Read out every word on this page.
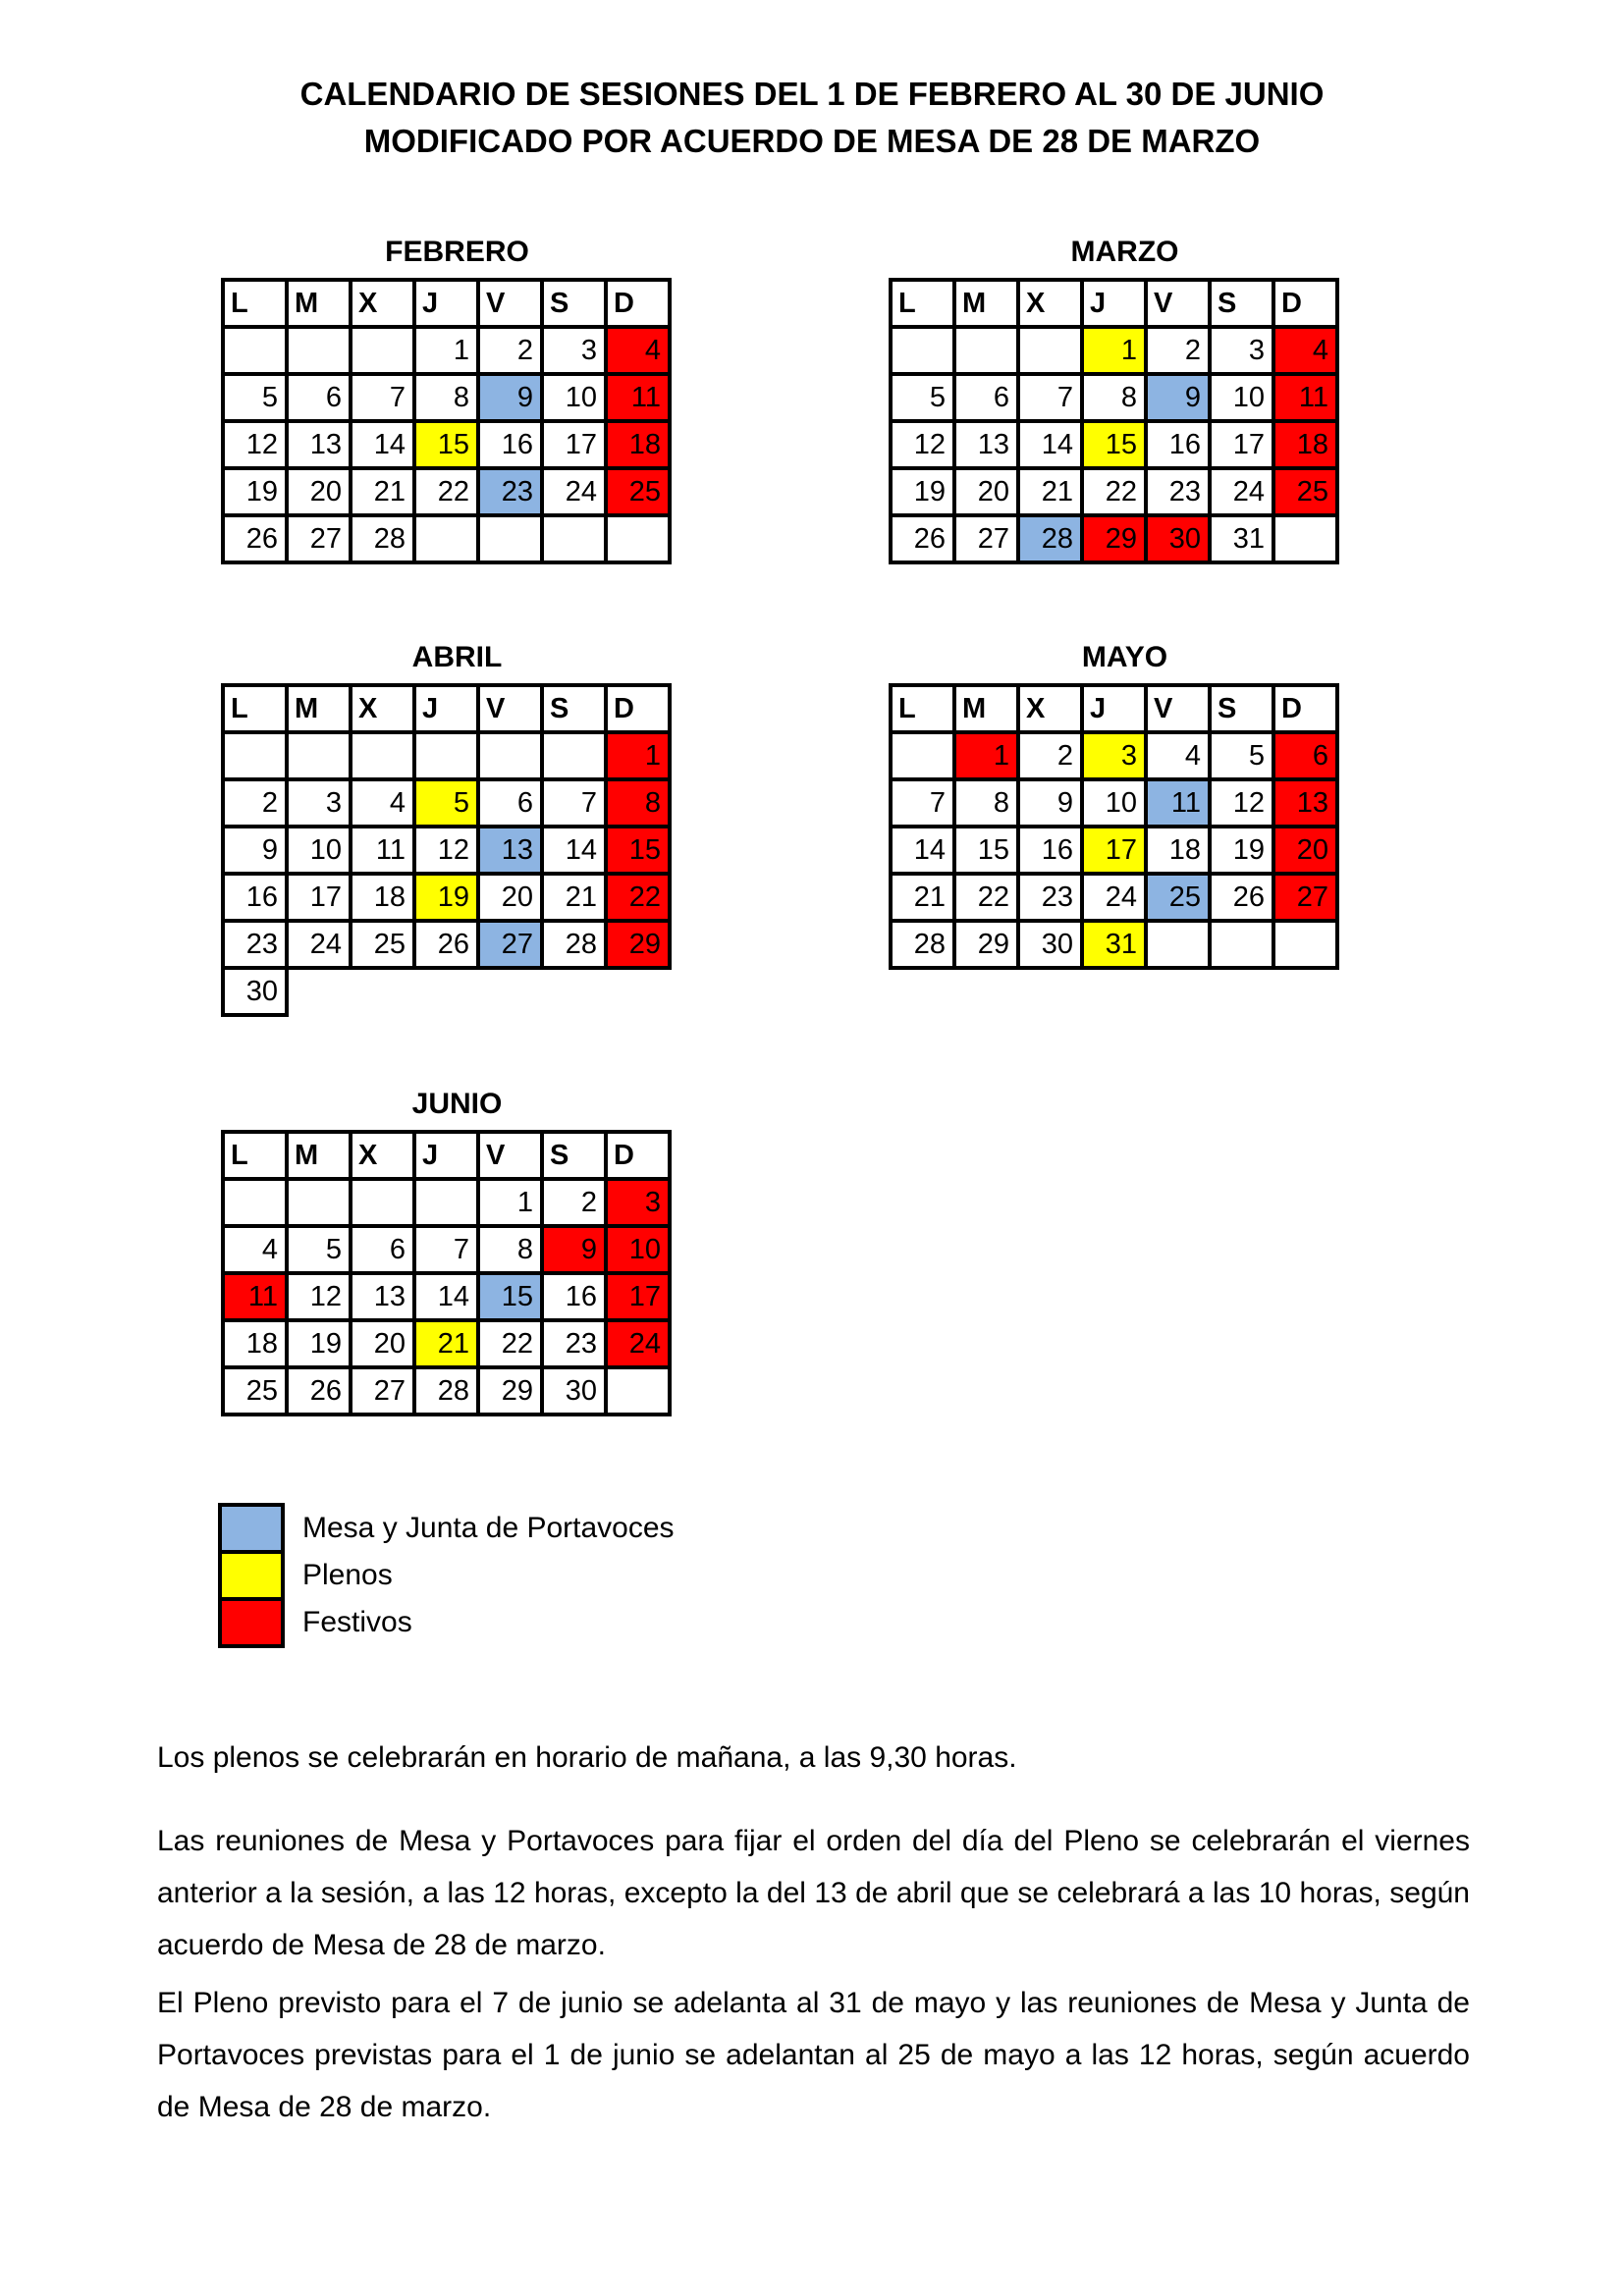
CALENDARIO DE SESIONES DEL 1 DE FEBRERO AL 30 DE JUNIO
MODIFICADO POR ACUERDO DE MESA DE 28 DE MARZO
FEBRERO
L	M	X	J	V	S	D
			1	2	3	4
5	6	7	8	9	10	11
12	13	14	15	16	17	18
19	20	21	22	23	24	25
26	27	28				
MARZO
L	M	X	J	V	S	D
			1	2	3	4
5	6	7	8	9	10	11
12	13	14	15	16	17	18
19	20	21	22	23	24	25
26	27	28	29	30	31	
ABRIL
L	M	X	J	V	S	D
						1
2	3	4	5	6	7	8
9	10	11	12	13	14	15
16	17	18	19	20	21	22
23	24	25	26	27	28	29
30						
MAYO
L	M	X	J	V	S	D
	1	2	3	4	5	6
7	8	9	10	11	12	13
14	15	16	17	18	19	20
21	22	23	24	25	26	27
28	29	30	31			
JUNIO
L	M	X	J	V	S	D
				1	2	3
4	5	6	7	8	9	10
11	12	13	14	15	16	17
18	19	20	21	22	23	24
25	26	27	28	29	30	
Mesa y Junta de Portavoces
Plenos
Festivos
Los plenos se celebrarán en horario de mañana, a las 9,30 horas.
Las reuniones de Mesa y Portavoces para fijar el orden del día del Pleno se celebrarán el viernes anterior a la sesión, a las 12 horas, excepto la del 13 de abril que se celebrará a las 10 horas, según acuerdo de Mesa de 28 de marzo.
El Pleno previsto para el 7 de junio se adelanta al 31 de mayo y las reuniones de Mesa y Junta de Portavoces previstas para el 1 de junio se adelantan al 25 de mayo a las 12 horas, según acuerdo de Mesa de 28 de marzo.
